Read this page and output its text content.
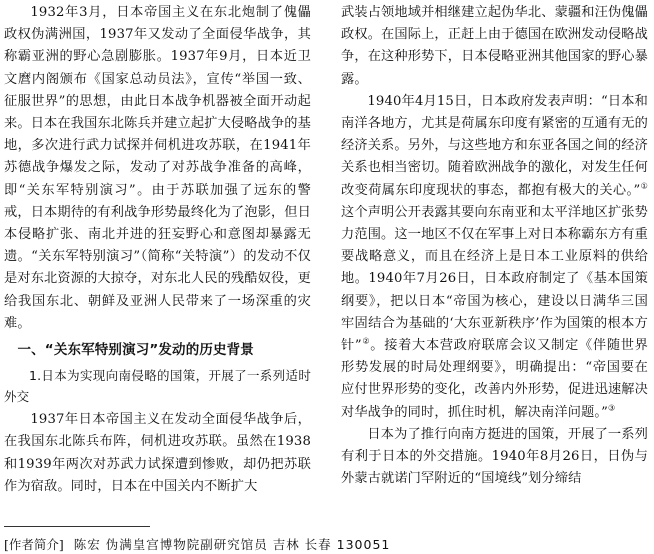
1932年3月，日本帝国主义在东北炮制了傀儡政权伪满洲国，1937年又发动了全面侵华战争，其称霸亚洲的野心急剧膨胀。1937年9月，日本近卫文麿内阁颁布《国家总动员法》，宣传“举国一致、征服世界”的思想，由此日本战争机器被全面开动起来。日本在我国东北陈兵并建立起扩大侵略战争的基地，多次进行武力试探并伺机进攻苏联，在1941年苏德战争爆发之际，发动了对苏战争准备的高峰，即“关东军特别演习”。由于苏联加强了远东的警戒，日本期待的有利战争形势最终化为了泡影，但日本侵略扩张、南北并进的狂妄野心和意图却暴露无遗。“关东军特别演习”（简称“关特演”）的发动不仅是对东北资源的大掠夺，对东北人民的残酷奴役，更给我国东北、朝鲜及亚洲人民带来了一场深重的灾难。

一、“关东军特别演习”发动的历史背景
1.日本为实现向南侵略的国策，开展了一系列适时外交

1937年日本帝国主义在发动全面侵华战争后，在我国东北陈兵布阵，伺机进攻苏联。虽然在1938和1939年两次对苏武力试探遭到惨败，却仍把苏联作为宿敌。同时，日本在中国关内不断扩大

武装占领地域并相继建立起伪华北、蒙疆和汪伪傀儡政权。在国际上，正赶上由于德国在欧洲发动侵略战争，在这种形势下，日本侵略亚洲其他国家的野心暴露。

1940年4月15日，日本政府发表声明：“日本和南洋各地方，尤其是荷属东印度有紧密的互通有无的经济关系。另外，与这些地方和东亚各国之间的经济关系也相当密切。随着欧洲战争的激化，对发生任何改变荷属东印度现状的事态，都抱有极大的关心。”① 这个声明公开表露其要向东南亚和太平洋地区扩张势力范围。这一地区不仅在军事上对日本称霸东方有重要战略意义，而且在经济上是日本工业原料的供给地。1940年7月26日，日本政府制定了《基本国策纲要》，把以日本“帝国为核心，建设以日满华三国牢固结合为基础的‘大东亚新秩序’作为国策的根本方针”②。接着大本营政府联席会议又制定《伴随世界形势发展的时局处理纲要》，明确提出：“帝国要在应付世界形势的变化，改善内外形势，促进迅速解决对华战争的同时，抓住时机，解决南洋问题。”③

日本为了推行向南方挺进的国策，开展了一系列有利于日本的外交措施。1940年8月26日，日伪与外蒙古就诺门罕附近的“国境线”划分缔结

[作者简介] 陈宏 伪满皇宫博物院副研究馆员 吉林 长春 130051
